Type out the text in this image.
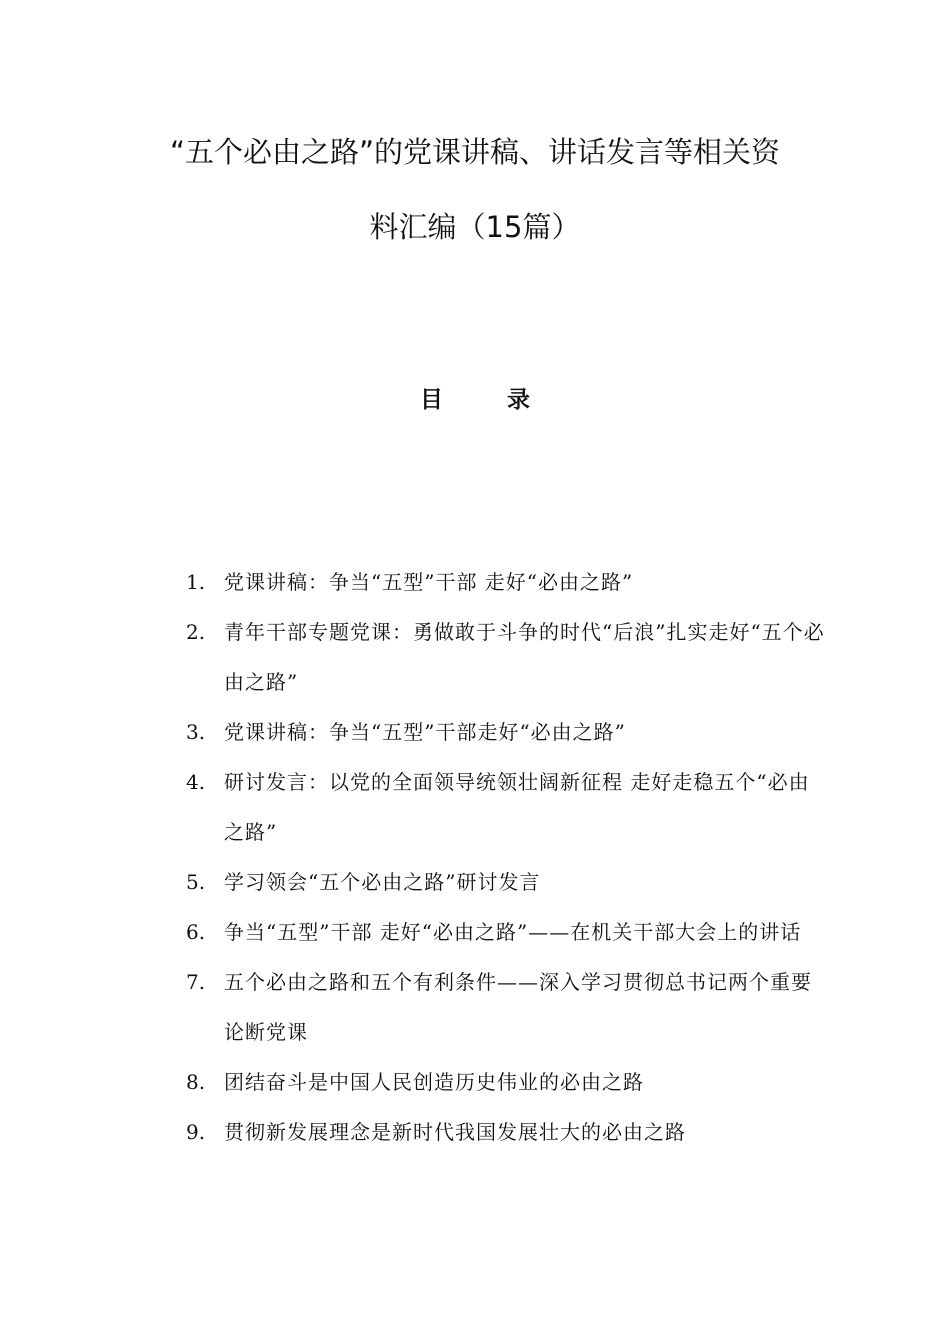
“五个必由之路”的党课讲稿、讲话发言等相关资
料汇编（15篇）
目 录
1. 党课讲稿：争当“五型”干部 走好“必由之路”
2. 青年干部专题党课：勇做敢于斗争的时代“后浪”扎实走好“五个必由之路”
3. 党课讲稿：争当“五型”干部走好“必由之路”
4. 研讨发言：以党的全面领导统领壮阔新征程 走好走稳五个“必由之路”
5. 学习领会“五个必由之路”研讨发言
6. 争当“五型”干部 走好“必由之路”——在机关干部大会上的讲话
7. 五个必由之路和五个有利条件——深入学习贯彻总书记两个重要论断党课
8. 团结奋斗是中国人民创造历史伟业的必由之路
9. 贯彻新发展理念是新时代我国发展壮大的必由之路
